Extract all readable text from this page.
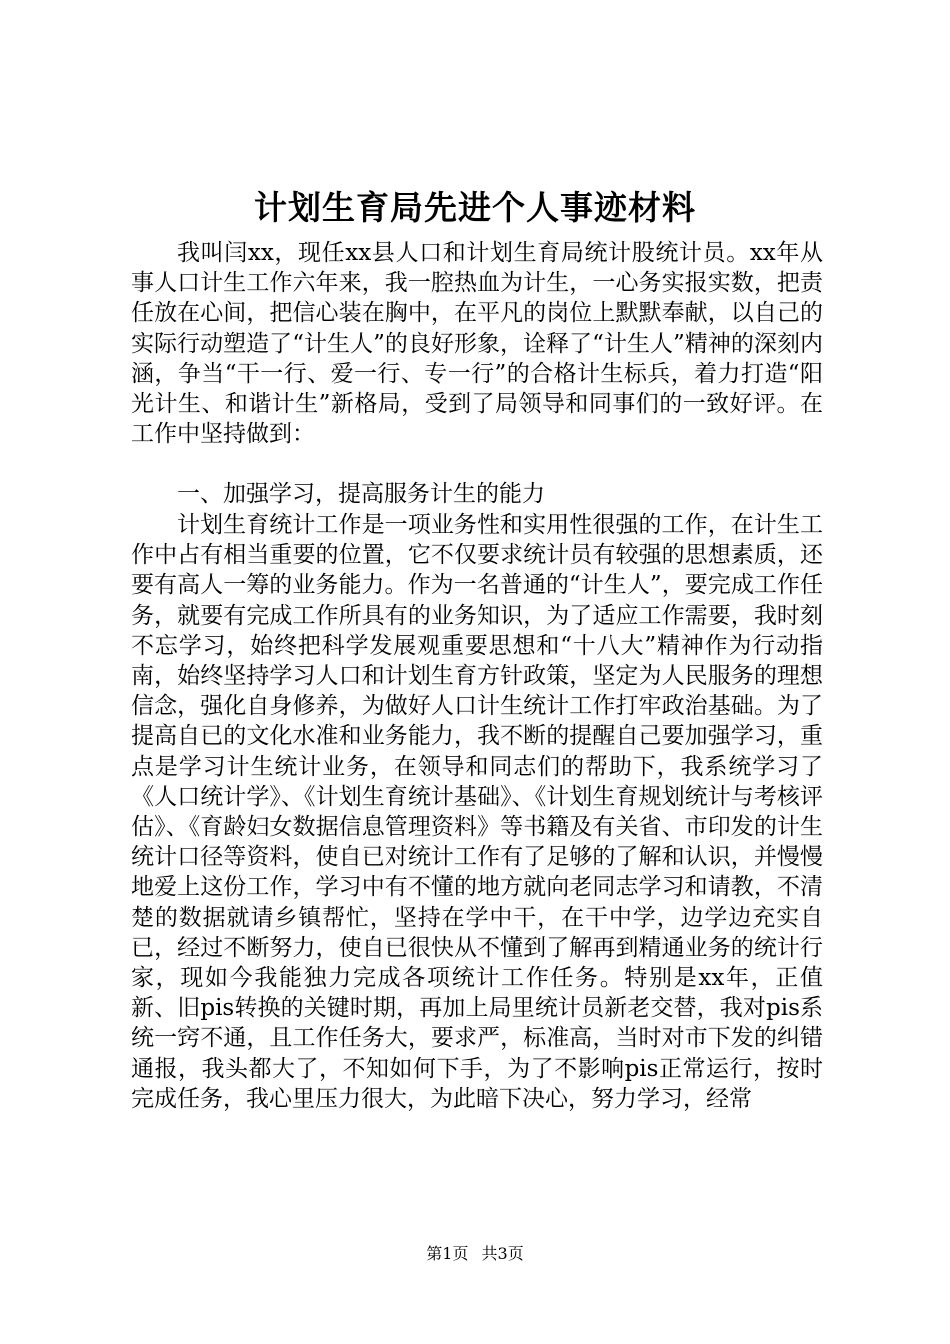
计划生育局先进个人事迹材料

我叫闫xx，现任xx县人口和计划生育局统计股统计员。xx年从事人口计生工作六年来，我一腔热血为计生，一心务实报实数，把责任放在心间，把信心装在胸中，在平凡的岗位上默默奉献，以自己的实际行动塑造了“计生人”的良好形象，诠释了“计生人”精神的深刻内涵，争当“干一行、爱一行、专一行”的合格计生标兵，着力打造“阳光计生、和谐计生”新格局，受到了局领导和同事们的一致好评。在工作中坚持做到：

一、加强学习，提高服务计生的能力

计划生育统计工作是一项业务性和实用性很强的工作，在计生工作中占有相当重要的位置，它不仅要求统计员有较强的思想素质，还要有高人一筹的业务能力。作为一名普通的“计生人”，要完成工作任务，就要有完成工作所具有的业务知识，为了适应工作需要，我时刻不忘学习，始终把科学发展观重要思想和“十八大”精神作为行动指南，始终坚持学习人口和计划生育方针政策，坚定为人民服务的理想信念，强化自身修养，为做好人口计生统计工作打牢政治基础。为了提高自已的文化水准和业务能力，我不断的提醒自己要加强学习，重点是学习计生统计业务，在领导和同志们的帮助下，我系统学习了《人口统计学》、《计划生育统计基础》、《计划生育规划统计与考核评估》、《育龄妇女数据信息管理资料》等书籍及有关省、市印发的计生统计口径等资料，使自已对统计工作有了足够的了解和认识，并慢慢地爱上这份工作，学习中有不懂的地方就向老同志学习和请教，不清楚的数据就请乡镇帮忙，坚持在学中干，在干中学，边学边充实自已，经过不断努力，使自已很快从不懂到了解再到精通业务的统计行家，现如今我能独力完成各项统计工作任务。特别是xx年，正值新、旧pis转换的关键时期，再加上局里统计员新老交替，我对pis系统一窍不通，且工作任务大，要求严，标准高，当时对市下发的纠错通报，我头都大了，不知如何下手，为了不影响pis正常运行，按时完成任务，我心里压力很大，为此暗下决心，努力学习，经常

第1页 共3页
